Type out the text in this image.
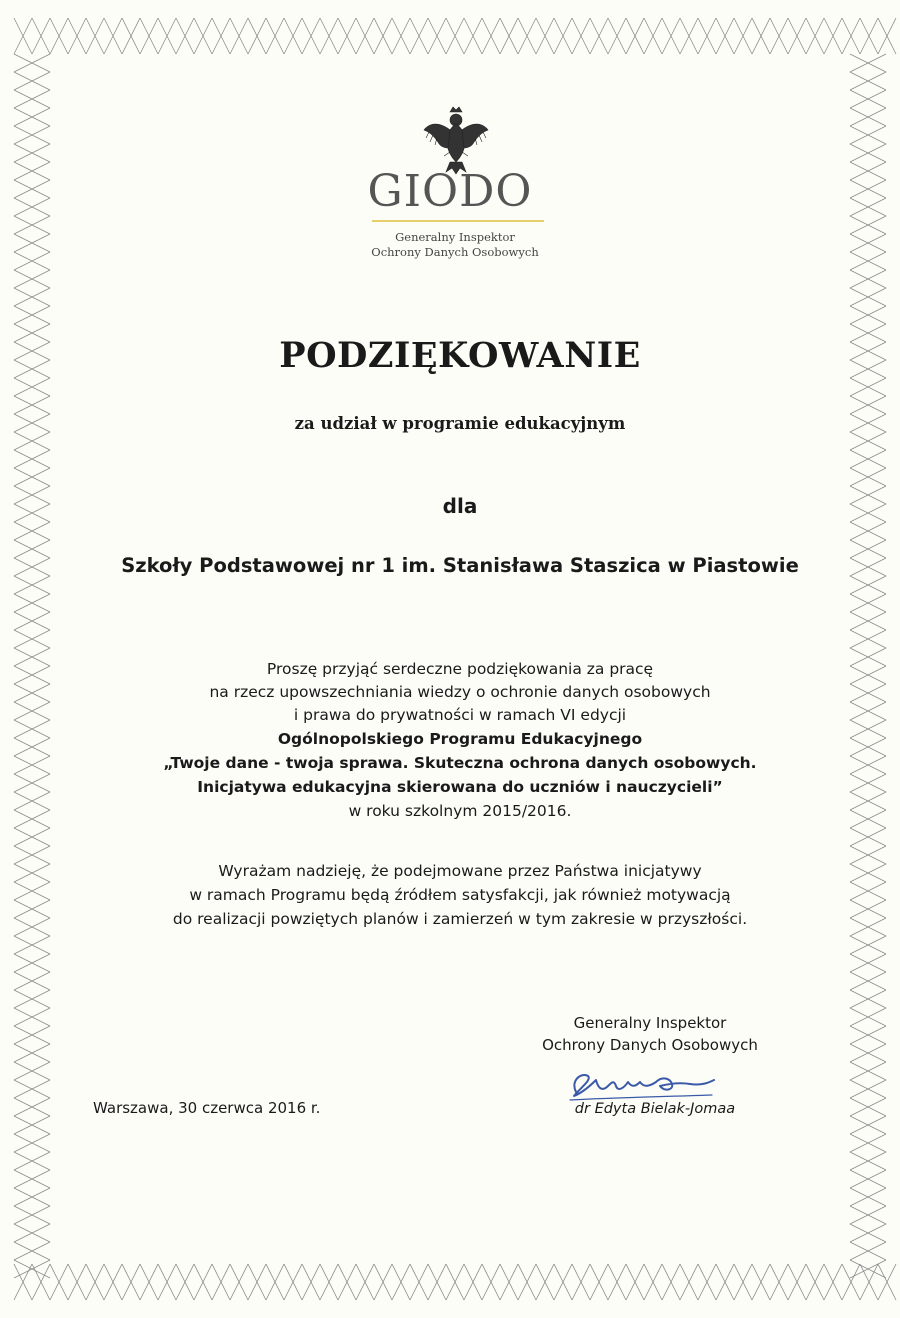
GIODO
Generalny Inspektor
Ochrony Danych Osobowych
PODZIĘKOWANIE
za udział w programie edukacyjnym
dla
Szkoły Podstawowej nr 1 im. Stanisława Staszica w Piastowie
Proszę przyjąć serdeczne podziękowania za pracę
na rzecz upowszechniania wiedzy o ochronie danych osobowych
i prawa do prywatności w ramach VI edycji
Ogólnopolskiego Programu Edukacyjnego
„Twoje dane - twoja sprawa. Skuteczna ochrona danych osobowych.
Inicjatywa edukacyjna skierowana do uczniów i nauczycieli”
w roku szkolnym 2015/2016.
Wyrażam nadzieję, że podejmowane przez Państwa inicjatywy
w ramach Programu będą źródłem satysfakcji, jak również motywacją
do realizacji powziętych planów i zamierzeń w tym zakresie w przyszłości.
Generalny Inspektor
Ochrony Danych Osobowych
dr Edyta Bielak-Jomaa
Warszawa, 30 czerwca 2016 r.
